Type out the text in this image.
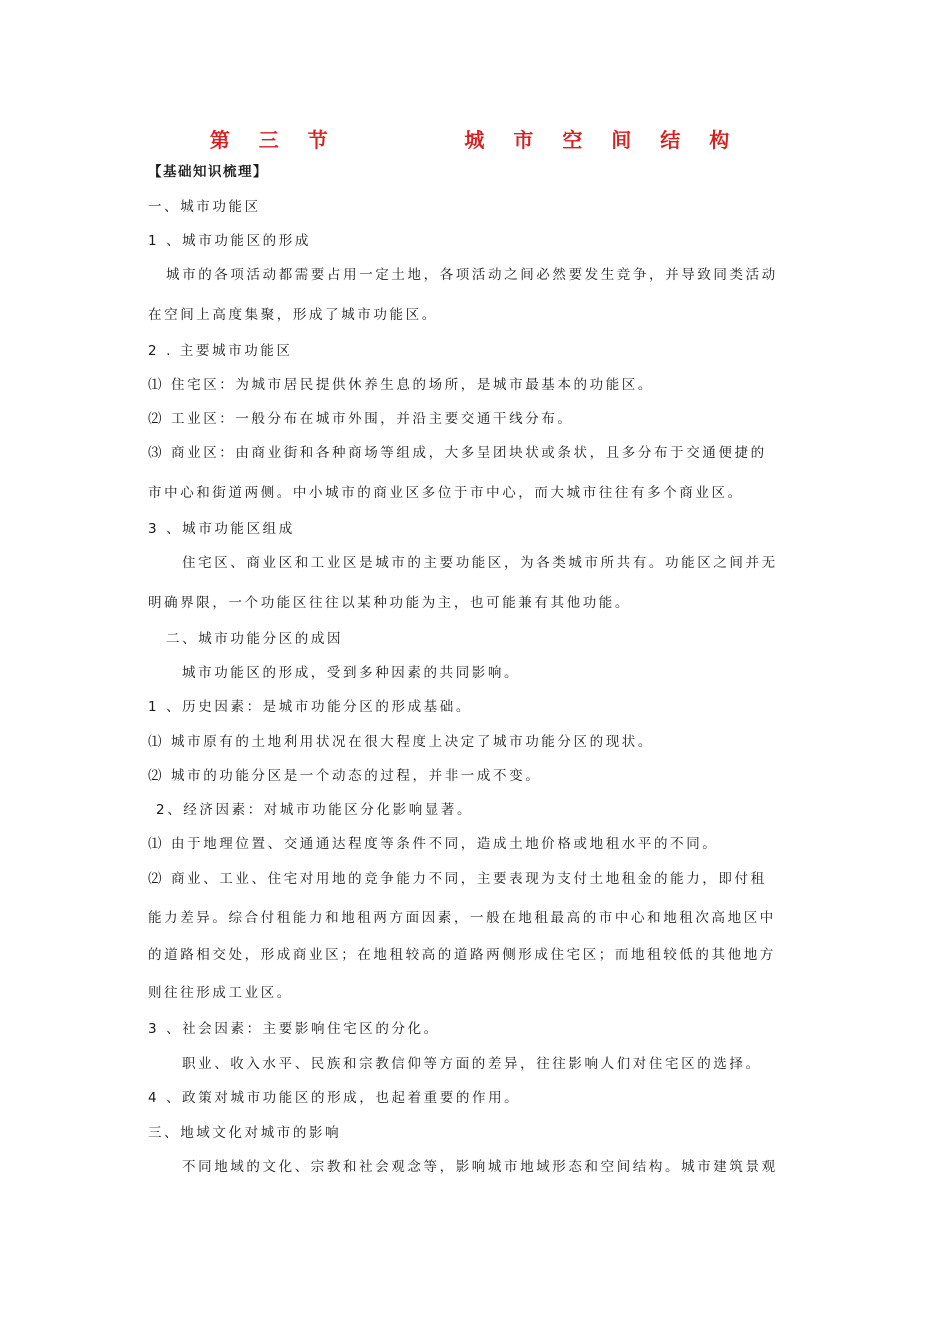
第 三 节       城 市 空 间 结 构
【基础知识梳理】
一、城市功能区
1 、城市功能区的形成
城市的各项活动都需要占用一定土地，各项活动之间必然要发生竞争，并导致同类活动
在空间上高度集聚，形成了城市功能区。
2 . 主要城市功能区
⑴ 住宅区：为城市居民提供休养生息的场所，是城市最基本的功能区。
⑵ 工业区：一般分布在城市外围，并沿主要交通干线分布。
⑶ 商业区：由商业街和各种商场等组成，大多呈团块状或条状，且多分布于交通便捷的
市中心和街道两侧。中小城市的商业区多位于市中心，而大城市往往有多个商业区。
3 、城市功能区组成
住宅区、商业区和工业区是城市的主要功能区，为各类城市所共有。功能区之间并无
明确界限，一个功能区往往以某种功能为主，也可能兼有其他功能。
二、城市功能分区的成因
城市功能区的形成，受到多种因素的共同影响。
1 、历史因素：是城市功能分区的形成基础。
⑴ 城市原有的土地利用状况在很大程度上决定了城市功能分区的现状。
⑵ 城市的功能分区是一个动态的过程，并非一成不变。
2、经济因素：对城市功能区分化影响显著。
⑴ 由于地理位置、交通通达程度等条件不同，造成土地价格或地租水平的不同。
⑵ 商业、工业、住宅对用地的竞争能力不同，主要表现为支付土地租金的能力，即付租
能力差异。综合付租能力和地租两方面因素，一般在地租最高的市中心和地租次高地区中
的道路相交处，形成商业区；在地租较高的道路两侧形成住宅区；而地租较低的其他地方
则往往形成工业区。
3 、社会因素：主要影响住宅区的分化。
职业、收入水平、民族和宗教信仰等方面的差异，往往影响人们对住宅区的选择。
4 、政策对城市功能区的形成，也起着重要的作用。
三、地域文化对城市的影响
不同地域的文化、宗教和社会观念等，影响城市地域形态和空间结构。城市建筑景观
